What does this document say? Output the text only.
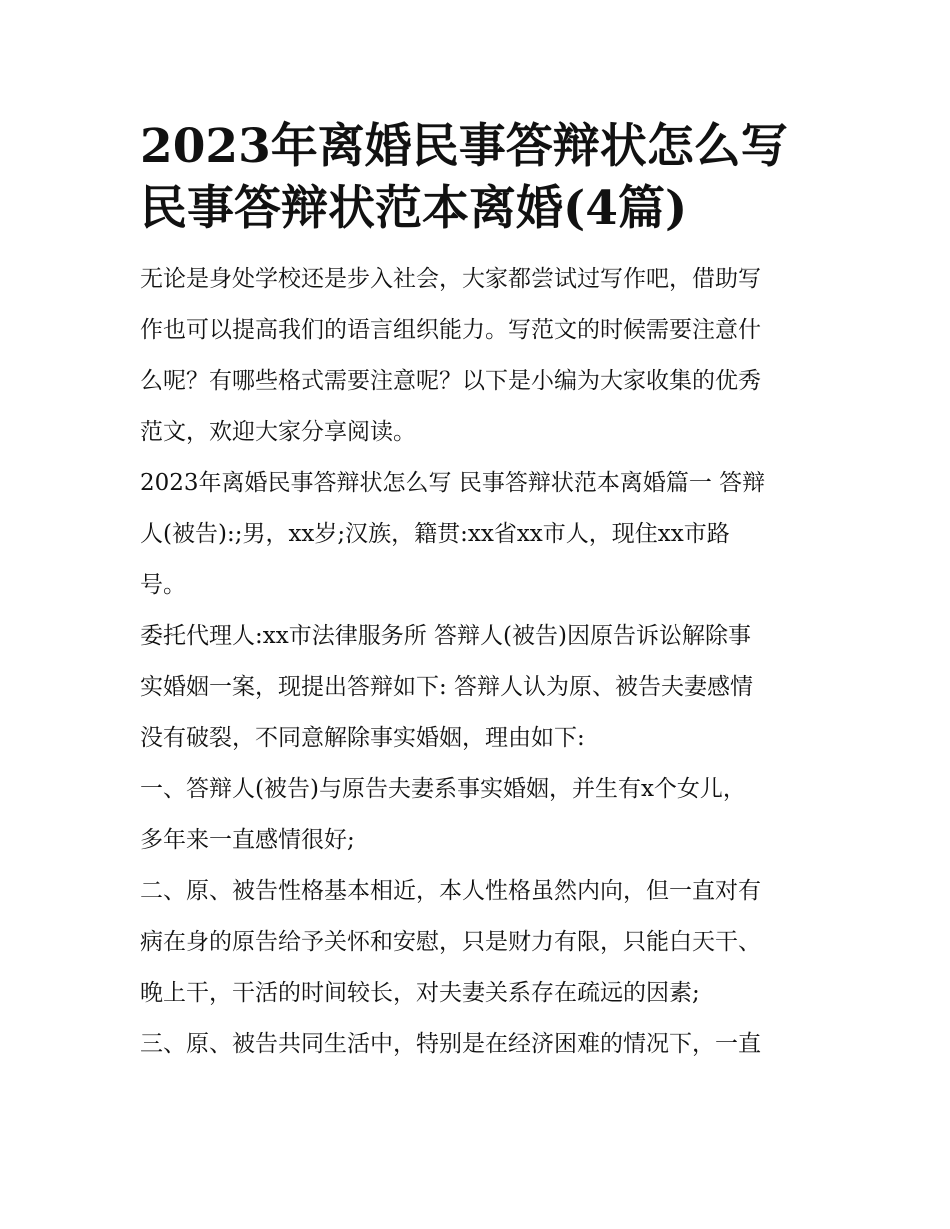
2023年离婚民事答辩状怎么写

民事答辩状范本离婚(4篇)

无论是身处学校还是步入社会，大家都尝试过写作吧，借助写

作也可以提高我们的语言组织能力。写范文的时候需要注意什

么呢？有哪些格式需要注意呢？以下是小编为大家收集的优秀

范文，欢迎大家分享阅读。

2023年离婚民事答辩状怎么写 民事答辩状范本离婚篇一 答辩

人(被告):;男，xx岁;汉族，籍贯:xx省xx市人，现住xx市路

号。

委托代理人:xx市法律服务所 答辩人(被告)因原告诉讼解除事

实婚姻一案，现提出答辩如下: 答辩人认为原、被告夫妻感情

没有破裂，不同意解除事实婚姻，理由如下:

一、答辩人(被告)与原告夫妻系事实婚姻，并生有x个女儿，

多年来一直感情很好;

二、原、被告性格基本相近，本人性格虽然内向，但一直对有

病在身的原告给予关怀和安慰，只是财力有限，只能白天干、

晚上干，干活的时间较长，对夫妻关系存在疏远的因素;

三、原、被告共同生活中，特别是在经济困难的情况下，一直
